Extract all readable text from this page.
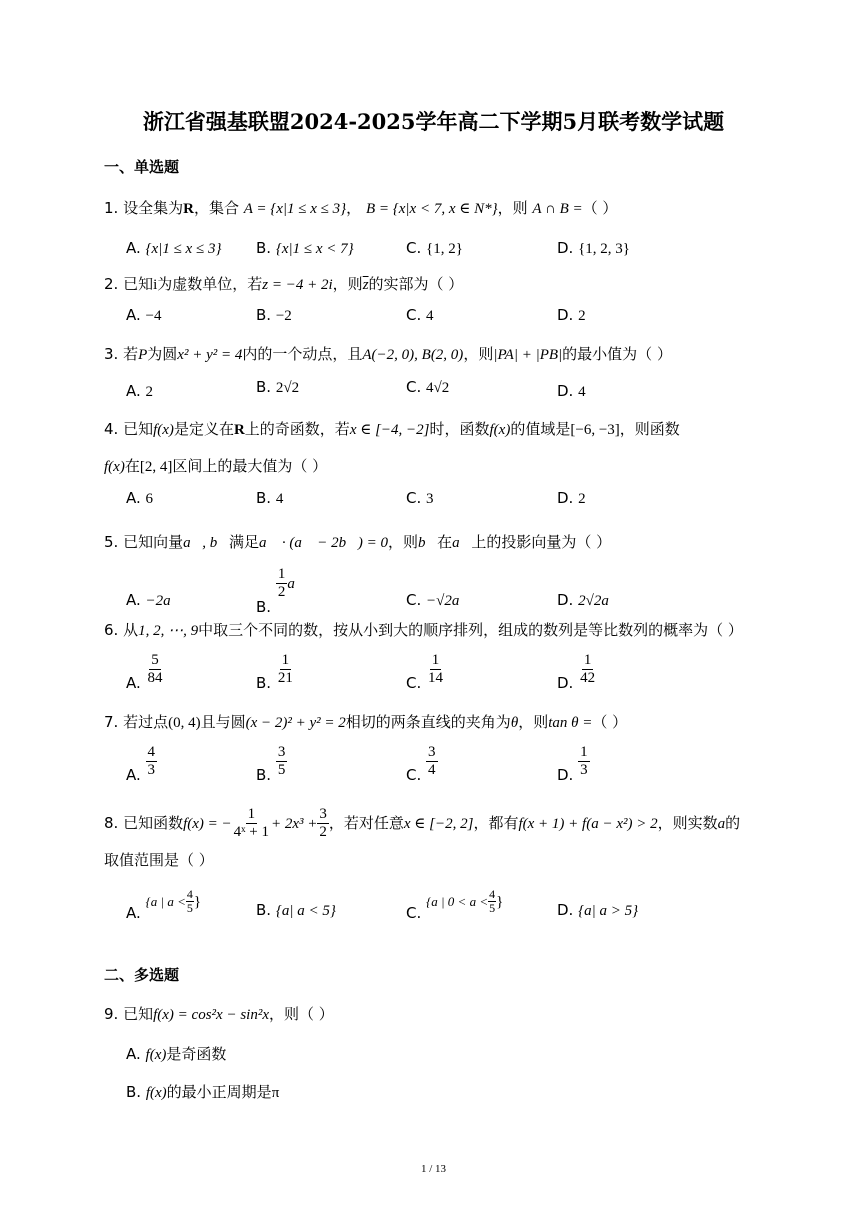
浙江省强基联盟2024-2025学年高二下学期5月联考数学试题
一、单选题
1. 设全集为R，集合 A = {x|1 ≤ x ≤ 3}， B = {x|x < 7, x ∈ N*}，则 A ∩ B =（ ）
A. {x|1 ≤ x ≤ 3} B. {x|1 ≤ x < 7}	C. {1, 2}	D. {1, 2, 3}
2. 已知i为虚数单位，若z = −4 + 2i，则$\overline{z}$的实部为（ ）
A. −4	B. −2	C. 4	D. 2
3. 若P为圆x² + y² = 4内的一个动点，且A(−2, 0), B(2, 0)，则|PA| + |PB|的最小值为（ ）
A. 2	B. 2√2	C. 4√2	D. 4
4. 已知f(x)是定义在R上的奇函数，若x ∈ [−4, −2]时，函数f(x)的值域是[−6, −3]，则函数
f(x)在[2, 4]区间上的最大值为（ ）
A. 6	B. 4	C. 3	D. 2
5. 已知向量a⃗, b⃗满足a⃗ · (a⃗ − 2b⃗) = 0，则b⃗在a⃗上的投影向量为（ ）
A. −2a⃗	B.
$\frac{1}{2}$ a⃗
C. −√2a⃗	D. 2√2a⃗
6. 从1, 2, ⋯, 9中取三个不同的数，按从小到大的顺序排列，组成的数列是等比数列的概率为（ ）
A. $\frac{5}{84}$	B. $\frac{1}{21}$	C. $\frac{1}{14}$	D. $\frac{1}{42}$
7. 若过点(0, 4)且与圆(x − 2)² + y² = 2相切的两条直线的夹角为θ，则tan θ =（ ）
A. $\frac{4}{3}$	B. $\frac{3}{5}$	C. $\frac{3}{4}$	D. $\frac{1}{3}$
8. 已知函数f(x) = − $\frac{1}{\text{4ˣ + 1}} + 2x^3 + \frac{3}{2}$ ，若对任意x ∈ [−2, 2]，都有f(x + 1) + f(a − x²) > 2，则实数a的
取值范围是（ ）
A. {a | $a < \frac{4}{5}$ }	B. {a| a < 5}	C. {a | $0 < a < \frac{4}{5}$ }	D. {a| a > 5}
二、多选题
9. 已知f(x) = cos²x − sin²x，则（ ）
A. f(x)是奇函数
B. f(x)的最小正周期是π
1 / 13
